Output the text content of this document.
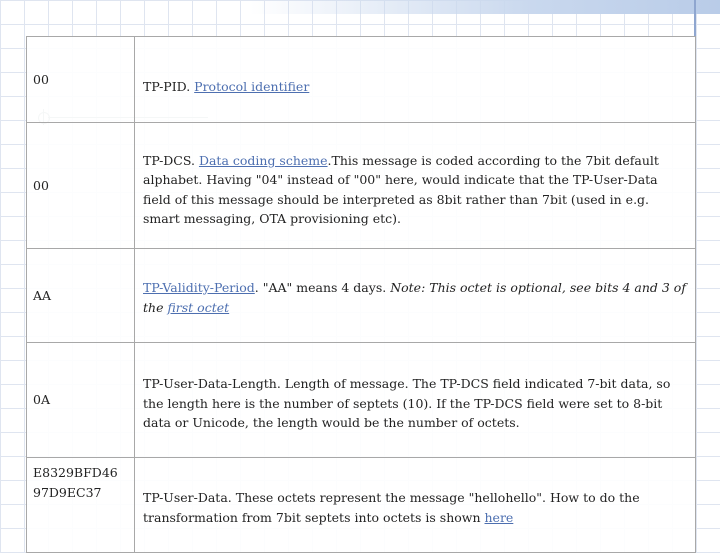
00	TP-PID. Protocol identifier
00	TP-DCS. Data coding scheme.This message is coded according to the 7bit default alphabet. Having "04" instead of "00" here, would indicate that the TP-User-Data field of this message should be interpreted as 8bit rather than 7bit (used in e.g. smart messaging, OTA provisioning etc).
AA	TP-Validity-Period. "AA" means 4 days. Note: This octet is optional, see bits 4 and 3 of the first octet
0A	TP-User-Data-Length. Length of message. The TP-DCS field indicated 7-bit data, so the length here is the number of septets (10). If the TP-DCS field were set to 8-bit data or Unicode, the length would be the number of octets.
E8329BFD46
97D9EC37	TP-User-Data. These octets represent the message "hellohello". How to do the transformation from 7bit septets into octets is shown here
